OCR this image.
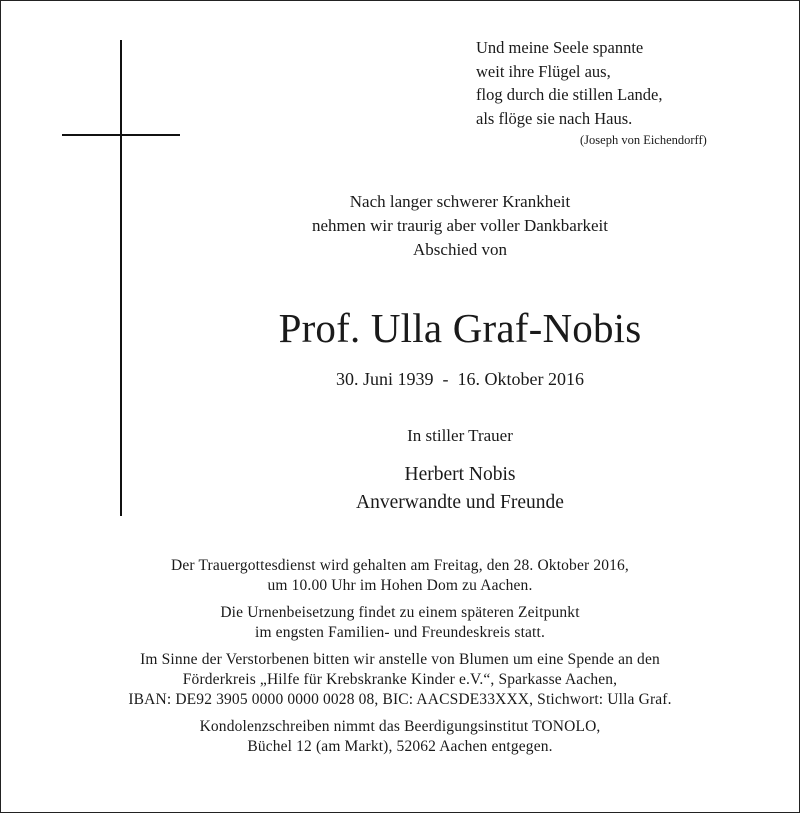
Und meine Seele spannte
weit ihre Flügel aus,
flog durch die stillen Lande,
als flöge sie nach Haus.
(Joseph von Eichendorff)
Nach langer schwerer Krankheit
nehmen wir traurig aber voller Dankbarkeit
Abschied von
Prof. Ulla Graf-Nobis
30. Juni 1939  -  16. Oktober 2016
In stiller Trauer
Herbert Nobis
Anverwandte und Freunde
Der Trauergottesdienst wird gehalten am Freitag, den 28. Oktober 2016,
um 10.00 Uhr im Hohen Dom zu Aachen.
Die Urnenbeisetzung findet zu einem späteren Zeitpunkt
im engsten Familien- und Freundeskreis statt.
Im Sinne der Verstorbenen bitten wir anstelle von Blumen um eine Spende an den
Förderkreis „Hilfe für Krebskranke Kinder e.V.“, Sparkasse Aachen,
IBAN: DE92 3905 0000 0000 0028 08, BIC: AACSDE33XXX, Stichwort: Ulla Graf.
Kondolenzschreiben nimmt das Beerdigungsinstitut TONOLO,
Büchel 12 (am Markt), 52062 Aachen entgegen.
